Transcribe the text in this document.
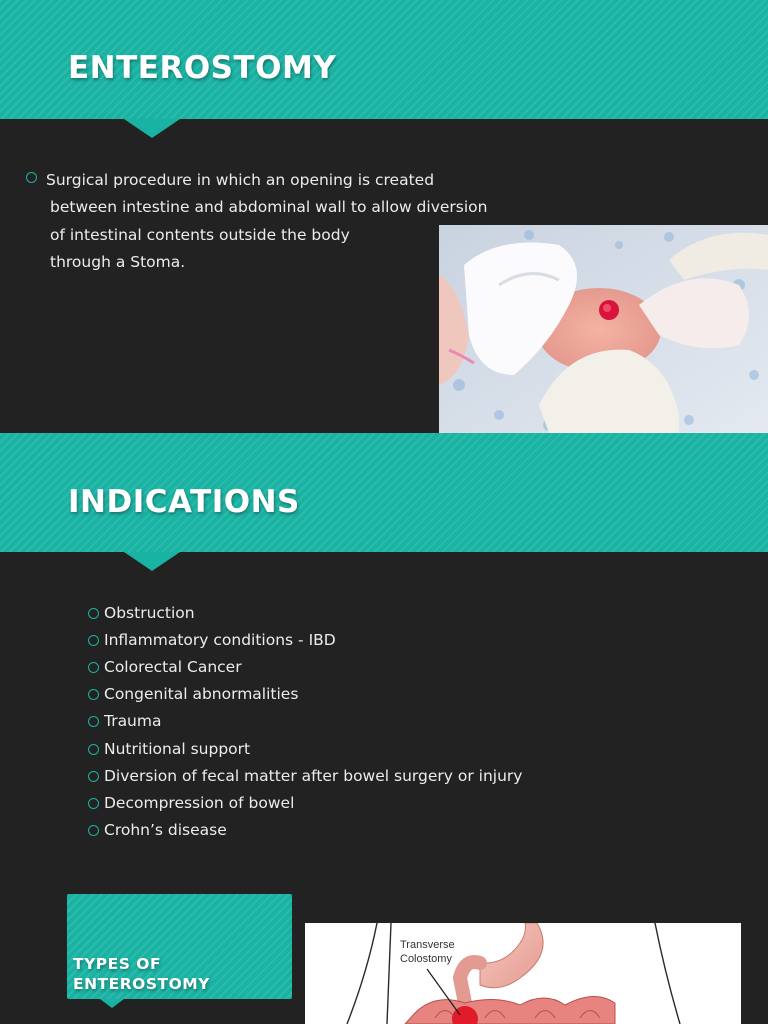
ENTEROSTOMY
Surgical procedure in which an opening is created
between intestine and abdominal wall to allow diversion
of intestinal contents outside the body
through a Stoma.
INDICATIONS
Obstruction
Inflammatory conditions - IBD
Colorectal Cancer
Congenital abnormalities
Trauma
Nutritional support
Diversion of fecal matter after bowel surgery or injury
Decompression of bowel
Crohn’s disease
TYPES OF
ENTEROSTOMY
Transverse
Colostomy
